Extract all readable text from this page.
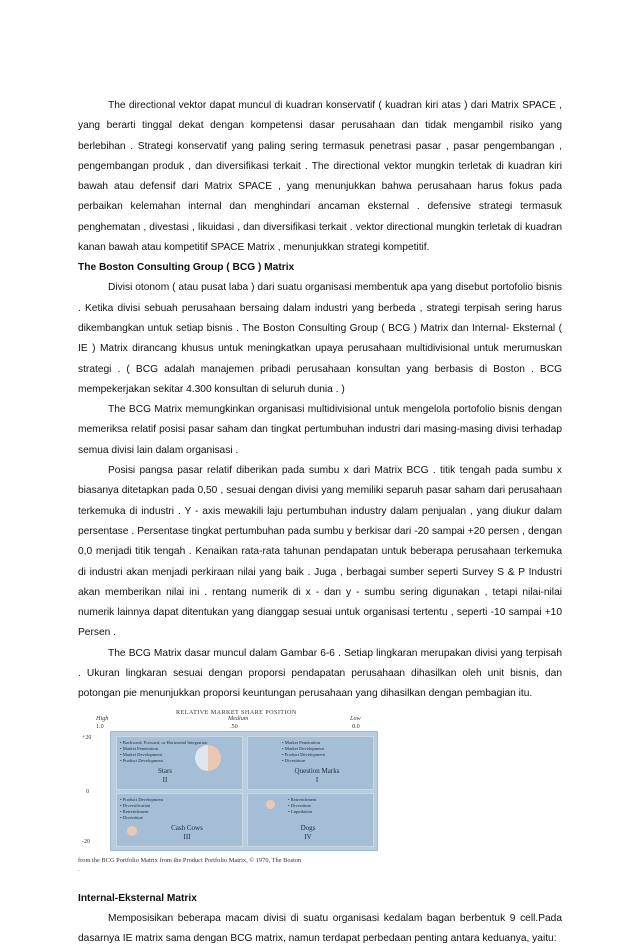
The directional vektor dapat muncul di kuadran konservatif ( kuadran kiri atas ) dari Matrix SPACE , yang berarti tinggal dekat dengan kompetensi dasar perusahaan dan tidak mengambil risiko yang berlebihan . Strategi konservatif yang paling sering termasuk penetrasi pasar , pasar pengembangan , pengembangan produk , dan diversifikasi terkait . The directional vektor mungkin terletak di kuadran kiri bawah atau defensif dari Matrix SPACE , yang menunjukkan bahwa perusahaan harus fokus pada perbaikan kelemahan internal dan menghindari ancaman eksternal . defensive strategi termasuk penghematan , divestasi , likuidasi , dan diversifikasi terkait . vektor directional mungkin terletak di kuadran kanan bawah atau kompetitif SPACE Matrix , menunjukkan strategi kompetitif.

The Boston Consulting Group ( BCG ) Matrix

Divisi otonom ( atau pusat laba ) dari suatu organisasi membentuk apa yang disebut portofolio bisnis . Ketika divisi sebuah perusahaan bersaing dalam industri yang berbeda , strategi terpisah sering harus dikembangkan untuk setiap bisnis . The Boston Consulting Group ( BCG ) Matrix dan Internal- Eksternal ( IE ) Matrix dirancang khusus untuk meningkatkan upaya perusahaan multidivisional untuk merumuskan strategi . ( BCG adalah manajemen pribadi perusahaan konsultan yang berbasis di Boston . BCG mempekerjakan sekitar 4.300 konsultan di seluruh dunia . )

The BCG Matrix memungkinkan organisasi multidivisional untuk mengelola portofolio bisnis dengan memeriksa relatif posisi pasar saham dan tingkat pertumbuhan industri dari masing-masing divisi terhadap semua divisi lain dalam organisasi .

Posisi pangsa pasar relatif diberikan pada sumbu x dari Matrix BCG . titik tengah pada sumbu x biasanya ditetapkan pada 0,50 , sesuai dengan divisi yang memiliki separuh pasar saham dari perusahaan terkemuka di industri . Y - axis mewakili laju pertumbuhan industry dalam penjualan , yang diukur dalam persentase . Persentase tingkat pertumbuhan pada sumbu y berkisar dari -20 sampai +20 persen , dengan 0,0 menjadi titik tengah . Kenaikan rata-rata tahunan pendapatan untuk beberapa perusahaan terkemuka di industri akan menjadi perkiraan nilai yang baik . Juga , berbagai sumber seperti Survey S & P Industri akan memberikan nilai ini . rentang numerik di x - dan y - sumbu sering digunakan , tetapi nilai-nilai numerik lainnya dapat ditentukan yang dianggap sesuai untuk organisasi tertentu , seperti -10 sampai +10 Persen .

The BCG Matrix dasar muncul dalam Gambar 6-6 . Setiap lingkaran merupakan divisi yang terpisah . Ukuran lingkaran sesuai dengan proporsi pendapatan perusahaan dihasilkan oleh unit bisnis, dan potongan pie menunjukkan proporsi keuntungan perusahaan yang dihasilkan dengan pembagian itu.

RELATIVE MARKET SHARE POSITION
High	Medium	Low
1.0	.50	0.0
+20
0
-20
• Backward, Forward, or Horizontal Integration
• Market Penetration
• Market Development
• Product Development
Stars
II
• Market Penetration
• Market Development
• Product Development
• Divestiture
Question Marks
I
• Product Development
• Diversification
• Retrenchment
• Divestiture
Cash Cows
III
• Retrenchment
• Divestiture
• Liquidation
Dogs
IV
from the BCG Portfolio Matrix from the Product Portfolio Matrix, © 1970, The Boston
.
Internal-Eksternal Matrix

Memposisikan beberapa macam divisi di suatu organisasi kedalam bagan berbentuk 9 cell.Pada dasarnya IE matrix sama dengan BCG matrix, namun terdapat perbedaan penting antara keduanya, yaitu:
